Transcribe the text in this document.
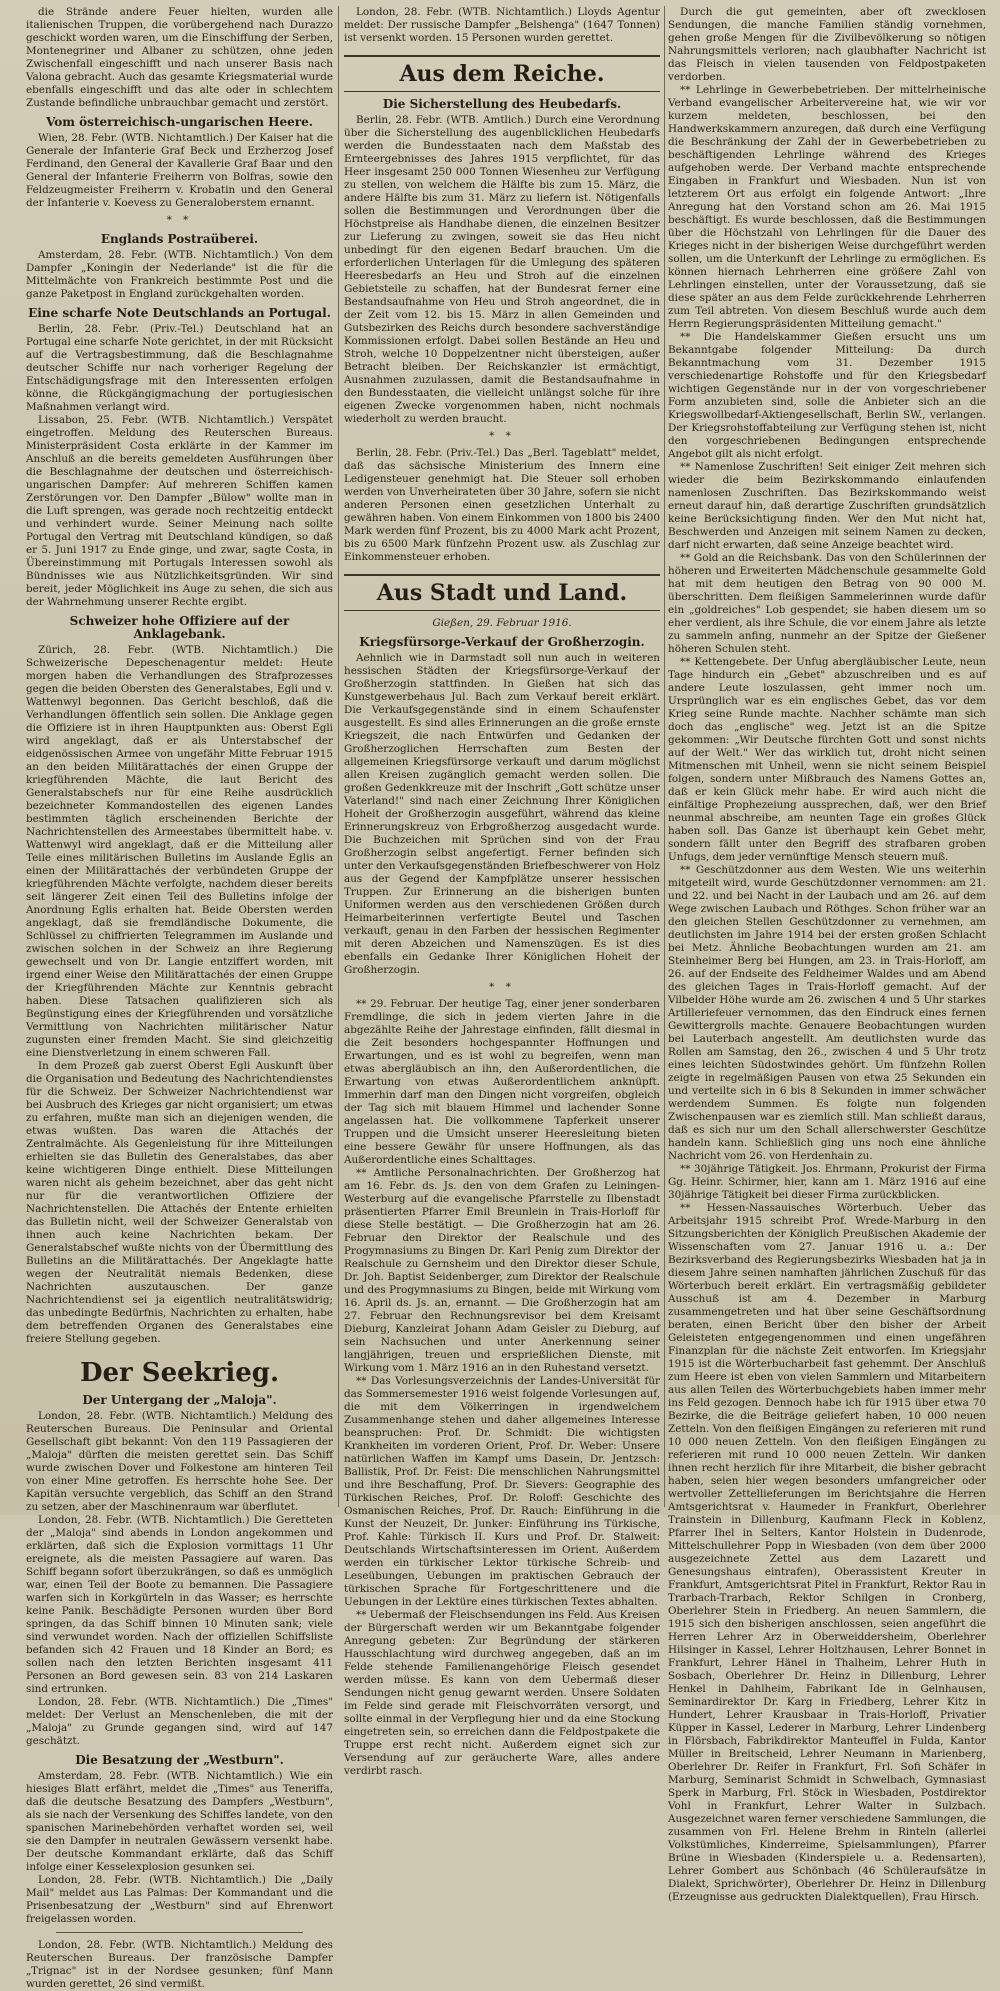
die Strände andere Feuer hielten, wurden alle italienischen Truppen, die vorübergehend nach Durazzo geschickt worden waren, um die Einschiffung der Serben, Montenegriner und Albaner zu schützen, ohne jeden Zwischenfall eingeschifft und nach unserer Basis nach Valona gebracht. Auch das gesamte Kriegsmaterial wurde ebenfalls eingeschifft und das alte oder in schlechtem Zustande befindliche unbrauchbar gemacht und zerstört.

Vom österreichisch-ungarischen Heere.

Wien, 28. Febr. (WTB. Nichtamtlich.) Der Kaiser hat die Generale der Infanterie Graf Beck und Erzherzog Josef Ferdinand, den General der Kavallerie Graf Baar und den General der Infanterie Freiherrn von Bolfras, sowie den Feldzeugmeister Freiherrn v. Krobatin und den General der Infanterie v. Koevess zu Generaloberstem ernannt.

* *
Englands Postraüberei.

Amsterdam, 28. Febr. (WTB. Nichtamtlich.) Von dem Dampfer „Koningin der Nederlande" ist die für die Mittelmächte von Frankreich bestimmte Post und die ganze Paketpost in England zurückgehalten worden.

Eine scharfe Note Deutschlands an Portugal.

Berlin, 28. Febr. (Priv.-Tel.) Deutschland hat an Portugal eine scharfe Note gerichtet, in der mit Rücksicht auf die Vertragsbestimmung, daß die Beschlagnahme deutscher Schiffe nur nach vorheriger Regelung der Entschädigungsfrage mit den Interessenten erfolgen könne, die Rückgängigmachung der portugiesischen Maßnahmen verlangt wird.

Lissabon, 25. Febr. (WTB. Nichtamtlich.) Verspätet eingetroffen. Meldung des Reuterschen Bureaus. Ministerpräsident Costa erklärte in der Kammer im Anschluß an die bereits gemeldeten Ausführungen über die Beschlagnahme der deutschen und österreichisch-ungarischen Dampfer: Auf mehreren Schiffen kamen Zerstörungen vor. Den Dampfer „Bülow" wollte man in die Luft sprengen, was gerade noch rechtzeitig entdeckt und verhindert wurde. Seiner Meinung nach sollte Portugal den Vertrag mit Deutschland kündigen, so daß er 5. Juni 1917 zu Ende ginge, und zwar, sagte Costa, in Übereinstimmung mit Portugals Interessen sowohl als Bündnisses wie aus Nützlichkeitsgründen. Wir sind bereit, jeder Möglichkeit ins Auge zu sehen, die sich aus der Wahrnehmung unserer Rechte ergibt.

Schweizer hohe Offiziere auf der Anklagebank.

Zürich, 28. Febr. (WTB. Nichtamtlich.) Die Schweizerische Depeschenagentur meldet: Heute morgen haben die Verhandlungen des Strafprozesses gegen die beiden Obersten des Generalstabes, Egli und v. Wattenwyl begonnen. Das Gericht beschloß, daß die Verhandlungen öffentlich sein sollen. Die Anklage gegen die Offiziere ist in ihren Hauptpunkten aus: Oberst Egli wird angeklagt, daß er als Unterstabschef der eidgenössischen Armee von ungefähr Mitte Februar 1915 an den beiden Militärattachés der einen Gruppe der kriegführenden Mächte, die laut Bericht des Generalstabschefs nur für eine Reihe ausdrücklich bezeichneter Kommandostellen des eigenen Landes bestimmten täglich erscheinenden Berichte der Nachrichtenstellen des Armeestabes übermittelt habe. v. Wattenwyl wird angeklagt, daß er die Mitteilung aller Teile eines militärischen Bulletins im Auslande Eglis an einen der Militärattachés der verbündeten Gruppe der kriegführenden Mächte verfolgte, nachdem dieser bereits seit längerer Zeit einen Teil des Bulletins infolge der Anordnung Eglis erhalten hat. Beide Obersten werden angeklagt, daß sie fremdländische Dokumente, die Schlüssel zu chiffrierten Telegrammen im Auslande und zwischen solchen in der Schweiz an ihre Regierung gewechselt und von Dr. Langie entziffert worden, mit irgend einer Weise den Militärattachés der einen Gruppe der Kriegführenden Mächte zur Kenntnis gebracht haben. Diese Tatsachen qualifizieren sich als Begünstigung eines der Kriegführenden und vorsätzliche Vermittlung von Nachrichten militärischer Natur zugunsten einer fremden Macht. Sie sind gleichzeitig eine Dienstverletzung in einem schweren Fall.

In dem Prozeß gab zuerst Oberst Egli Auskunft über die Organisation und Bedeutung des Nachrichtendienstes für die Schweiz. Der Schweizer Nachrichtendienst war bei Ausbruch des Krieges gar nicht organisiert; um etwas zu erfahren, mußte man sich an diejenigen wenden, die etwas wußten. Das waren die Attachés der Zentralmächte. Als Gegenleistung für ihre Mitteilungen erhielten sie das Bulletin des Generalstabes, das aber keine wichtigeren Dinge enthielt. Diese Mitteilungen waren nicht als geheim bezeichnet, aber das geht nicht nur für die verantwortlichen Offiziere der Nachrichtenstellen. Die Attachés der Entente erhielten das Bulletin nicht, weil der Schweizer Generalstab von ihnen auch keine Nachrichten bekam. Der Generalstabschef wußte nichts von der Übermittlung des Bulletins an die Militärattachés. Der Angeklagte hatte wegen der Neutralität niemals Bedenken, diese Nachrichten auszutauschen. Der ganze Nachrichtendienst sei ja eigentlich neutralitätswidrig; das unbedingte Bedürfnis, Nachrichten zu erhalten, habe dem betreffenden Organen des Generalstabes eine freiere Stellung gegeben.

Der Seekrieg.
Der Untergang der „Maloja".

London, 28. Febr. (WTB. Nichtamtlich.) Meldung des Reuterschen Bureaus. Die Peninsular and Oriental Gesellschaft gibt bekannt: Von den 119 Passagieren der „Maloja" dürften die meisten gerettet sein. Das Schiff wurde zwischen Dover und Folkestone am hinteren Teil von einer Mine getroffen. Es herrschte hohe See. Der Kapitän versuchte vergeblich, das Schiff an den Strand zu setzen, aber der Maschinenraum war überflutet.

London, 28. Febr. (WTB. Nichtamtlich.) Die Geretteten der „Maloja" sind abends in London angekommen und erklärten, daß sich die Explosion vormittags 11 Uhr ereignete, als die meisten Passagiere auf waren. Das Schiff begann sofort überzukrängen, so daß es unmöglich war, einen Teil der Boote zu bemannen. Die Passagiere warfen sich in Korkgürteln in das Wasser; es herrschte keine Panik. Beschädigte Personen wurden über Bord springen, da das Schiff binnen 10 Minuten sank; viele sind verwundet worden. Nach der offiziellen Schiffsliste befanden sich 42 Frauen und 18 Kinder an Bord; es sollen nach den letzten Berichten insgesamt 411 Personen an Bord gewesen sein. 83 von 214 Laskaren sind ertrunken.

London, 28. Febr. (WTB. Nichtamtlich.) Die „Times" meldet: Der Verlust an Menschenleben, die mit der „Maloja" zu Grunde gegangen sind, wird auf 147 geschätzt.

Die Besatzung der „Westburn".

Amsterdam, 28. Febr. (WTB. Nichtamtlich.) Wie ein hiesiges Blatt erfährt, meldet die „Times" aus Teneriffa, daß die deutsche Besatzung des Dampfers „Westburn", als sie nach der Versenkung des Schiffes landete, von den spanischen Marinebehörden verhaftet worden sei, weil sie den Dampfer in neutralen Gewässern versenkt habe. Der deutsche Kommandant erklärte, daß das Schiff infolge einer Kesselexplosion gesunken sei.

London, 28. Febr. (WTB. Nichtamtlich.) Die „Daily Mail" meldet aus Las Palmas: Der Kommandant und die Prisenbesatzung der „Westburn" sind auf Ehrenwort freigelassen worden.

London, 28. Febr. (WTB. Nichtamtlich.) Meldung des Reuterschen Bureaus. Der französische Dampfer „Trignac" ist in der Nordsee gesunken; fünf Mann wurden gerettet, 26 sind vermißt.

London, 28. Febr. (WTB. Nichtamtlich.) Lloyds Agentur meldet: Der russische Dampfer „Belshenga" (1647 Tonnen) ist versenkt worden. 15 Personen wurden gerettet.

Aus dem Reiche.
Die Sicherstellung des Heubedarfs.

Berlin, 28. Febr. (WTB. Amtlich.) Durch eine Verordnung über die Sicherstellung des augenblicklichen Heubedarfs werden die Bundesstaaten nach dem Maßstab des Ernteergebnisses des Jahres 1915 verpflichtet, für das Heer insgesamt 250 000 Tonnen Wiesenheu zur Verfügung zu stellen, von welchem die Hälfte bis zum 15. März, die andere Hälfte bis zum 31. März zu liefern ist. Nötigenfalls sollen die Bestimmungen und Verordnungen über die Höchstpreise als Handhabe dienen, die einzelnen Besitzer zur Lieferung zu zwingen, soweit sie das Heu nicht unbedingt für den eigenen Bedarf brauchen. Um die erforderlichen Unterlagen für die Umlegung des späteren Heeresbedarfs an Heu und Stroh auf die einzelnen Gebietsteile zu schaffen, hat der Bundesrat ferner eine Bestandsaufnahme von Heu und Stroh angeordnet, die in der Zeit vom 12. bis 15. März in allen Gemeinden und Gutsbezirken des Reichs durch besondere sachverständige Kommissionen erfolgt. Dabei sollen Bestände an Heu und Stroh, welche 10 Doppelzentner nicht übersteigen, außer Betracht bleiben. Der Reichskanzler ist ermächtigt, Ausnahmen zuzulassen, damit die Bestandsaufnahme in den Bundesstaaten, die vielleicht unlängst solche für ihre eigenen Zwecke vorgenommen haben, nicht nochmals wiederholt zu werden braucht.

* *

Berlin, 28. Febr. (Priv.-Tel.) Das „Berl. Tageblatt" meldet, daß das sächsische Ministerium des Innern eine Ledigensteuer genehmigt hat. Die Steuer soll erhoben werden von Unverheirateten über 30 Jahre, sofern sie nicht anderen Personen einen gesetzlichen Unterhalt zu gewähren haben. Von einem Einkommen von 1800 bis 2400 Mark werden fünf Prozent, bis zu 4000 Mark acht Prozent, bis zu 6500 Mark fünfzehn Prozent usw. als Zuschlag zur Einkommensteuer erhoben.

Aus Stadt und Land.
Gießen, 29. Februar 1916.
Kriegsfürsorge-Verkauf der Großherzogin.

Aehnlich wie in Darmstadt soll nun auch in weiteren hessischen Städten der Kriegsfürsorge-Verkauf der Großherzogin stattfinden. In Gießen hat sich das Kunstgewerbehaus Jul. Bach zum Verkauf bereit erklärt. Die Verkaufsgegenstände sind in einem Schaufenster ausgestellt. Es sind alles Erinnerungen an die große ernste Kriegszeit, die nach Entwürfen und Gedanken der Großherzoglichen Herrschaften zum Besten der allgemeinen Kriegsfürsorge verkauft und darum möglichst allen Kreisen zugänglich gemacht werden sollen. Die großen Gedenkkreuze mit der Inschrift „Gott schütze unser Vaterland!" sind nach einer Zeichnung Ihrer Königlichen Hoheit der Großherzogin ausgeführt, während das kleine Erinnerungskreuz von Erbgroßherzog ausgedacht wurde. Die Buchzeichen mit Sprüchen sind von der Frau Großherzogin selbst angefertigt. Ferner befinden sich unter den Verkaufsgegenständen Briefbeschwerer von Holz aus der Gegend der Kampfplätze unserer hessischen Truppen. Zur Erinnerung an die bisherigen bunten Uniformen werden aus den verschiedenen Größen durch Heimarbeiterinnen verfertigte Beutel und Taschen verkauft, genau in den Farben der hessischen Regimenter mit deren Abzeichen und Namenszügen. Es ist dies ebenfalls ein Gedanke Ihrer Königlichen Hoheit der Großherzogin.

* *

** 29. Februar. Der heutige Tag, einer jener sonderbaren Fremdlinge, die sich in jedem vierten Jahre in die abgezählte Reihe der Jahrestage einfinden, fällt diesmal in die Zeit besonders hochgespannter Hoffnungen und Erwartungen, und es ist wohl zu begreifen, wenn man etwas abergläubisch an ihn, den Außerordentlichen, die Erwartung von etwas Außerordentlichem anknüpft. Immerhin darf man den Dingen nicht vorgreifen, obgleich der Tag sich mit blauem Himmel und lachender Sonne angelassen hat. Die vollkommene Tapferkeit unserer Truppen und die Umsicht unserer Heeresleitung bieten eine bessere Gewähr für unsere Hoffnungen, als das Außerordentliche eines Schalttages.

** Amtliche Personalnachrichten. Der Großherzog hat am 16. Febr. ds. Js. den von dem Grafen zu Leiningen-Westerburg auf die evangelische Pfarrstelle zu Ilbenstadt präsentierten Pfarrer Emil Breunlein in Trais-Horloff für diese Stelle bestätigt. — Die Großherzogin hat am 26. Februar den Direktor der Realschule und des Progymnasiums zu Bingen Dr. Karl Penig zum Direktor der Realschule zu Gernsheim und den Direktor dieser Schule, Dr. Joh. Baptist Seidenberger, zum Direktor der Realschule und des Progymnasiums zu Bingen, beide mit Wirkung vom 16. April ds. Js. an, ernannt. — Die Großherzogin hat am 27. Februar den Rechnungsrevisor bei dem Kreisamt Dieburg, Kanzleirat Johann Adam Geisler zu Dieburg, auf sein Nachsuchen und unter Anerkennung seiner langjährigen, treuen und ersprießlichen Dienste, mit Wirkung vom 1. März 1916 an in den Ruhestand versetzt.

** Das Vorlesungsverzeichnis der Landes-Universität für das Sommersemester 1916 weist folgende Vorlesungen auf, die mit dem Völkerringen in irgendwelchem Zusammenhange stehen und daher allgemeines Interesse beanspruchen: Prof. Dr. Schmidt: Die wichtigsten Krankheiten im vorderen Orient, Prof. Dr. Weber: Unsere natürlichen Waffen im Kampf ums Dasein, Dr. Jentzsch: Ballistik, Prof. Dr. Feist: Die menschlichen Nahrungsmittel und ihre Beschaffung, Prof. Dr. Sievers: Geographie des Türkischen Reiches, Prof. Dr. Roloff: Geschichte des Osmanischen Reiches, Prof. Dr. Rauch: Einführung in die Kunst der Neuzeit, Dr. Junker: Einführung ins Türkische, Prof. Kahle: Türkisch II. Kurs und Prof. Dr. Stalweit: Deutschlands Wirtschaftsinteressen im Orient. Außerdem werden ein türkischer Lektor türkische Schreib- und Leseübungen, Uebungen im praktischen Gebrauch der türkischen Sprache für Fortgeschrittenere und die Uebungen in der Lektüre eines türkischen Textes abhalten.

** Uebermaß der Fleischsendungen ins Feld. Aus Kreisen der Bürgerschaft werden wir um Bekanntgabe folgender Anregung gebeten: Zur Begründung der stärkeren Hausschlachtung wird durchweg angegeben, daß an im Felde stehende Familienangehörige Fleisch gesendet werden müsse. Es kann von dem Uebermaß dieser Sendungen nicht genug gewarnt werden. Unsere Soldaten im Felde sind gerade mit Fleischvorräten versorgt, und sollte einmal in der Verpflegung hier und da eine Stockung eingetreten sein, so erreichen dann die Feldpostpakete die Truppe erst recht nicht. Außerdem eignet sich zur Versendung auf zur geräucherte Ware, alles andere verdirbt rasch.

Durch die gut gemeinten, aber oft zwecklosen Sendungen, die manche Familien ständig vornehmen, gehen große Mengen für die Zivilbevölkerung so nötigen Nahrungsmittels verloren; nach glaubhafter Nachricht ist das Fleisch in vielen tausenden von Feldpostpaketen verdorben.

** Lehrlinge in Gewerbebetrieben. Der mittelrheinische Verband evangelischer Arbeitervereine hat, wie wir vor kurzem meldeten, beschlossen, bei den Handwerkskammern anzuregen, daß durch eine Verfügung die Beschränkung der Zahl der in Gewerbebetrieben zu beschäftigenden Lehrlinge während des Krieges aufgehoben werde. Der Verband machte entsprechende Eingaben in Frankfurt und Wiesbaden. Nun ist von letzterem Ort aus erfolgt ein folgende Antwort: „Ihre Anregung hat den Vorstand schon am 26. Mai 1915 beschäftigt. Es wurde beschlossen, daß die Bestimmungen über die Höchstzahl von Lehrlingen für die Dauer des Krieges nicht in der bisherigen Weise durchgeführt werden sollen, um die Unterkunft der Lehrlinge zu ermöglichen. Es können hiernach Lehrherren eine größere Zahl von Lehrlingen einstellen, unter der Voraussetzung, daß sie diese später an aus dem Felde zurückkehrende Lehrherren zum Teil abtreten. Von diesem Beschluß wurde auch dem Herrn Regierungspräsidenten Mitteilung gemacht."

** Die Handelskammer Gießen ersucht uns um Bekanntgabe folgender Mitteilung: Da durch Bekanntmachung vom 31. Dezember 1915 verschiedenartige Rohstoffe und für den Kriegsbedarf wichtigen Gegenstände nur in der von vorgeschriebener Form anzubieten sind, solle die Anbieter sich an die Kriegswollbedarf-Aktiengesellschaft, Berlin SW., verlangen. Der Kriegsrohstoffabteilung zur Verfügung stehen ist, nicht den vorgeschriebenen Bedingungen entsprechende Angebot gilt als nicht erfolgt.

** Namenlose Zuschriften! Seit einiger Zeit mehren sich wieder die beim Bezirkskommando einlaufenden namenlosen Zuschriften. Das Bezirkskommando weist erneut darauf hin, daß derartige Zuschriften grundsätzlich keine Berücksichtigung finden. Wer den Mut nicht hat, Beschwerden und Anzeigen mit seinem Namen zu decken, darf nicht erwarten, daß seine Anzeige beachtet wird.

** Gold an die Reichsbank. Das von den Schülerinnen der höheren und Erweiterten Mädchenschule gesammelte Gold hat mit dem heutigen den Betrag von 90 000 M. überschritten. Dem fleißigen Sammelerinnen wurde dafür ein „goldreiches" Lob gespendet; sie haben diesem um so eher verdient, als ihre Schule, die vor einem Jahre als letzte zu sammeln anfing, nunmehr an der Spitze der Gießener höheren Schulen steht.

** Kettengebete. Der Unfug abergläubischer Leute, neun Tage hindurch ein „Gebet" abzuschreiben und es auf andere Leute loszulassen, geht immer noch um. Ursprünglich war es ein englisches Gebet, das vor dem Krieg seine Runde machte. Nachher schämte man sich doch das „englische" weg. Jetzt ist an die Spitze gekommen: „Wir Deutsche fürchten Gott und sonst nichts auf der Welt." Wer das wirklich tut, droht nicht seinen Mitmenschen mit Unheil, wenn sie nicht seinem Beispiel folgen, sondern unter Mißbrauch des Namens Gottes an, daß er kein Glück mehr habe. Er wird auch nicht die einfältige Prophezeiung aussprechen, daß, wer den Brief neunmal abschreibe, am neunten Tage ein großes Glück haben soll. Das Ganze ist überhaupt kein Gebet mehr, sondern fällt unter den Begriff des strafbaren groben Unfugs, dem jeder vernünftige Mensch steuern muß.

** Geschützdonner aus dem Westen. Wie uns weiterhin mitgeteilt wird, wurde Geschützdonner vernommen: am 21. und 22. und bei Nacht in der Laubach und am 26. auf dem Wege zwischen Laubach und Röthges. Schon früher war an den gleichen Stellen Geschützdonner zu vernehmen, am deutlichsten im Jahre 1914 bei der ersten großen Schlacht bei Metz. Ähnliche Beobachtungen wurden am 21. am Steinheimer Berg bei Hungen, am 23. in Trais-Horloff, am 26. auf der Endseite des Feldheimer Waldes und am Abend des gleichen Tages in Trais-Horloff gemacht. Auf der Vilbelder Höhe wurde am 26. zwischen 4 und 5 Uhr starkes Artilleriefeuer vernommen, das den Eindruck eines fernen Gewittergrolls machte. Genauere Beobachtungen wurden bei Lauterbach angestellt. Am deutlichsten wurde das Rollen am Samstag, den 26., zwischen 4 und 5 Uhr trotz eines leichten Südostwindes gehört. Um fünfzehn Rollen zeigte in regelmäßigen Pausen von etwa 25 Sekunden ein und verteilte sich in 6 bis 8 Sekunden in immer schwächer werdendem Summen. Es folgte nun folgenden Zwischenpausen war es ziemlich still. Man schließt daraus, daß es sich nur um den Schall allerschwerster Geschütze handeln kann. Schließlich ging uns noch eine ähnliche Nachricht vom 26. von Herdenhain zu.

** 30jährige Tätigkeit. Jos. Ehrmann, Prokurist der Firma Gg. Heinr. Schirmer, hier, kann am 1. März 1916 auf eine 30jährige Tätigkeit bei dieser Firma zurückblicken.

** Hessen-Nassauisches Wörterbuch. Ueber das Arbeitsjahr 1915 schreibt Prof. Wrede-Marburg in den Sitzungsberichten der Königlich Preußischen Akademie der Wissenschaften vom 27. Januar 1916 u. a.: Der Bezirksverband des Regierungsbezirks Wiesbaden hat ja in diesem Jahre seinen namhaften jährlichen Zuschuß für das Wörterbuch bereit erklärt. Ein vertragsmäßig gebildeter Ausschuß ist am 4. Dezember in Marburg zusammengetreten und hat über seine Geschäftsordnung beraten, einen Bericht über den bisher der Arbeit Geleisteten entgegengenommen und einen ungefähren Finanzplan für die nächste Zeit entworfen. Im Kriegsjahr 1915 ist die Wörterbucharbeit fast gehemmt. Der Anschluß zum Heere ist eben von vielen Sammlern und Mitarbeitern aus allen Teilen des Wörterbuchgebiets haben immer mehr ins Feld gezogen. Dennoch habe ich für 1915 über etwa 70 Bezirke, die die Beiträge geliefert haben, 10 000 neuen Zetteln. Von den fleißigen Eingängen zu referieren mit rund 10 000 neuen Zetteln. Von den fleißigen Eingängen zu referieren mit rund 10 000 neuen Zetteln. Wir danken ihnen recht herzlich für ihre Mitarbeit, die bisher gebracht haben, seien hier wegen besonders umfangreicher oder wertvoller Zettellieferungen im Berichtsjahre die Herren Amtsgerichtsrat v. Haumeder in Frankfurt, Oberlehrer Trainstein in Dillenburg, Kaufmann Fleck in Koblenz, Pfarrer Ihel in Selters, Kantor Holstein in Dudenrode, Mittelschullehrer Popp in Wiesbaden (von dem über 2000 ausgezeichnete Zettel aus dem Lazarett und Genesungshaus eintrafen), Oberassistent Kreuter in Frankfurt, Amtsgerichtsrat Pitel in Frankfurt, Rektor Rau in Trarbach-Trarbach, Rektor Schilgen in Cronberg, Oberlehrer Stein in Friedberg. An neuen Sammlern, die 1915 sich den bisherigen anschlossen, seien angeführt die Herren Lehrer Arz in Oberweiddersheim, Oberlehrer Hilsinger in Kassel, Lehrer Holtzhausen, Lehrer Bonnet in Frankfurt, Lehrer Hänel in Thalheim, Lehrer Huth in Sosbach, Oberlehrer Dr. Heinz in Dillenburg, Lehrer Henkel in Dahlheim, Fabrikant Ide in Gelnhausen, Seminardirektor Dr. Karg in Friedberg, Lehrer Kitz in Hundert, Lehrer Krausbaar in Trais-Horloff, Privatier Küpper in Kassel, Lederer in Marburg, Lehrer Lindenberg in Flörsbach, Fabrikdirektor Manteuffel in Fulda, Kantor Müller in Breitscheid, Lehrer Neumann in Marienberg, Oberlehrer Dr. Reifer in Frankfurt, Frl. Sofi Schäfer in Marburg, Seminarist Schmidt in Schwelbach, Gymnasiast Sperk in Marburg, Frl. Stöck in Wiesbaden, Postdirektor Vohl in Frankfurt, Lehrer Walter in Sulzbach. Ausgezeichnet waren ferner verschiedene Sammlungen, die zusammen von Frl. Helene Brehm in Rinteln (allerlei Volkstümliches, Kinderreime, Spielsammlungen), Pfarrer Brüne in Wiesbaden (Kinderspiele u. a. Redensarten), Lehrer Gombert aus Schönbach (46 Schüleraufsätze in Dialekt, Sprichwörter), Oberlehrer Dr. Heinz in Dillenburg (Erzeugnisse aus gedruckten Dialektquellen), Frau Hirsch.
